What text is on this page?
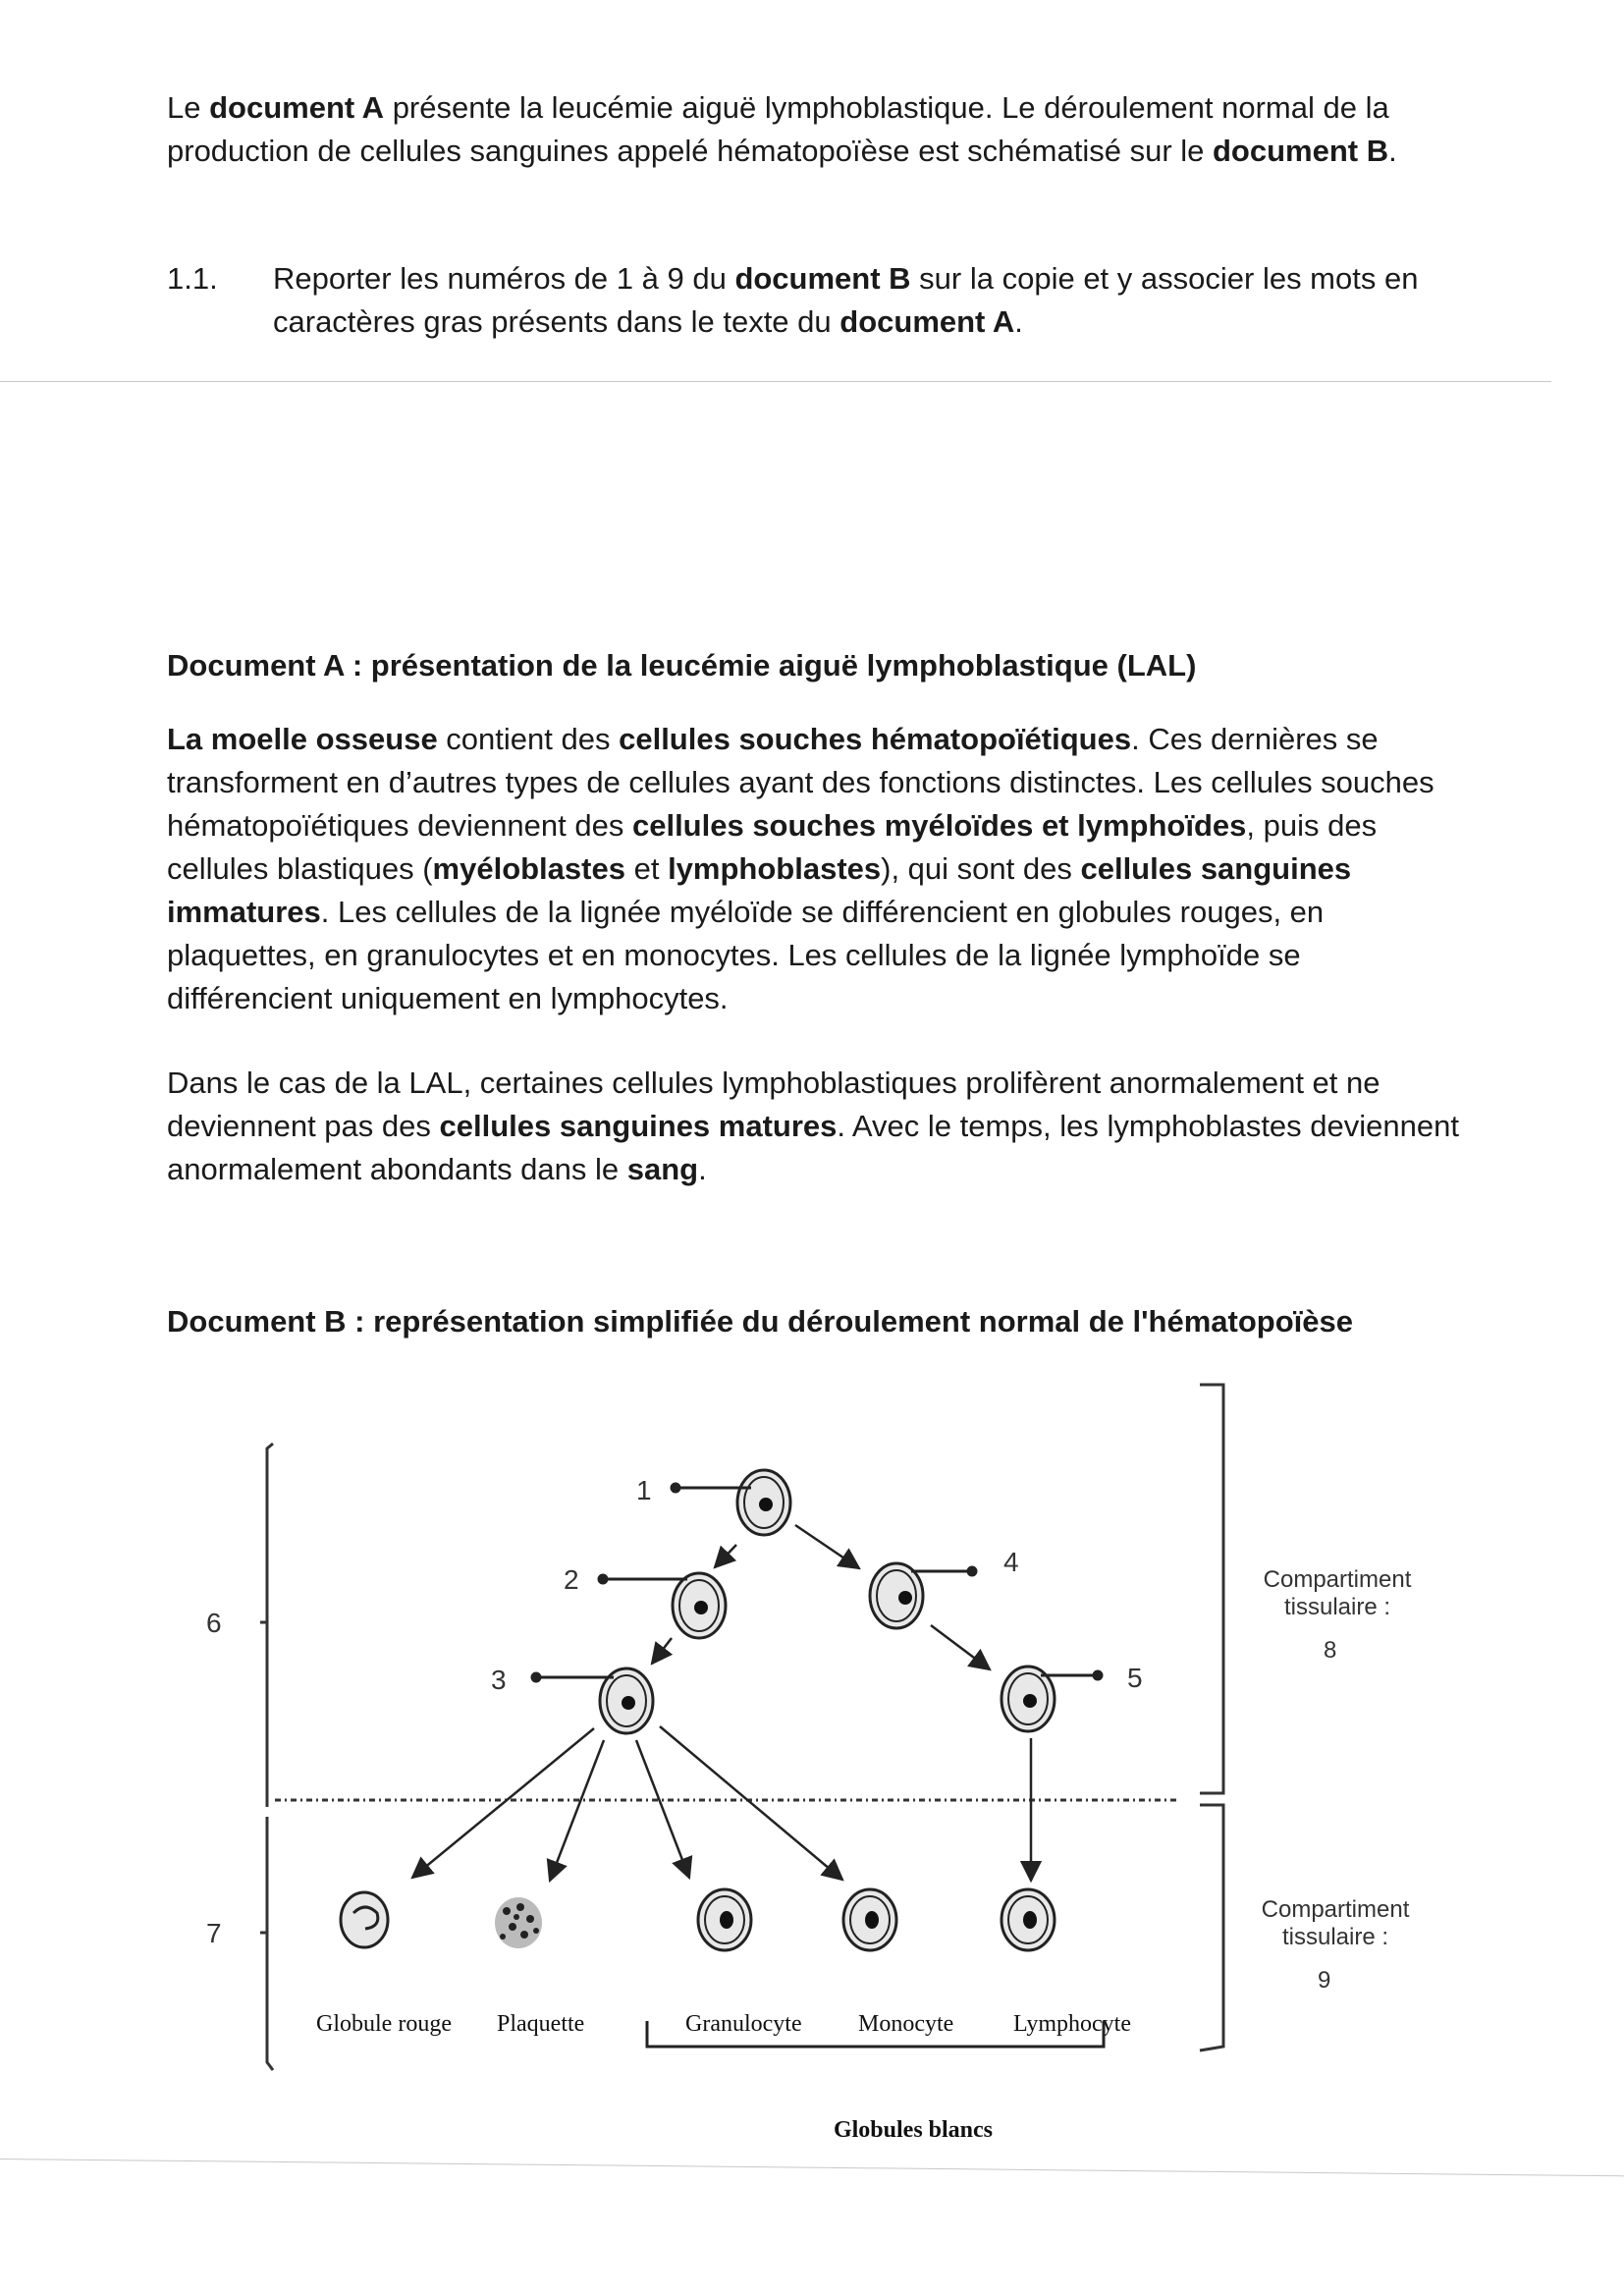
Le document A présente la leucémie aiguë lymphoblastique. Le déroulement normal de la production de cellules sanguines appelé hématopoïèse est schématisé sur le document B.

1.1. Reporter les numéros de 1 à 9 du document B sur la copie et y associer les mots en caractères gras présents dans le texte du document A.

Document A : présentation de la leucémie aiguë lymphoblastique (LAL)

La moelle osseuse contient des cellules souches hématopoïétiques. Ces dernières se transforment en d’autres types de cellules ayant des fonctions distinctes. Les cellules souches hématopoïétiques deviennent des cellules souches myéloïdes et lymphoïdes, puis des cellules blastiques (myéloblastes et lymphoblastes), qui sont des cellules sanguines immatures. Les cellules de la lignée myéloïde se différencient en globules rouges, en plaquettes, en granulocytes et en monocytes. Les cellules de la lignée lymphoïde se différencient uniquement en lymphocytes.

Dans le cas de la LAL, certaines cellules lymphoblastiques prolifèrent anormalement et ne deviennent pas des cellules sanguines matures. Avec le temps, les lymphoblastes deviennent anormalement abondants dans le sang.

Document B : représentation simplifiée du déroulement normal de l'hématopoïèse
6
7
Compartiment
tissulaire :
8
Compartiment
tissulaire :
9
1
2
3
4
5
Globule rouge Plaquette	Granulocyte Monocyte	Lymphocyte
Globules blancs
